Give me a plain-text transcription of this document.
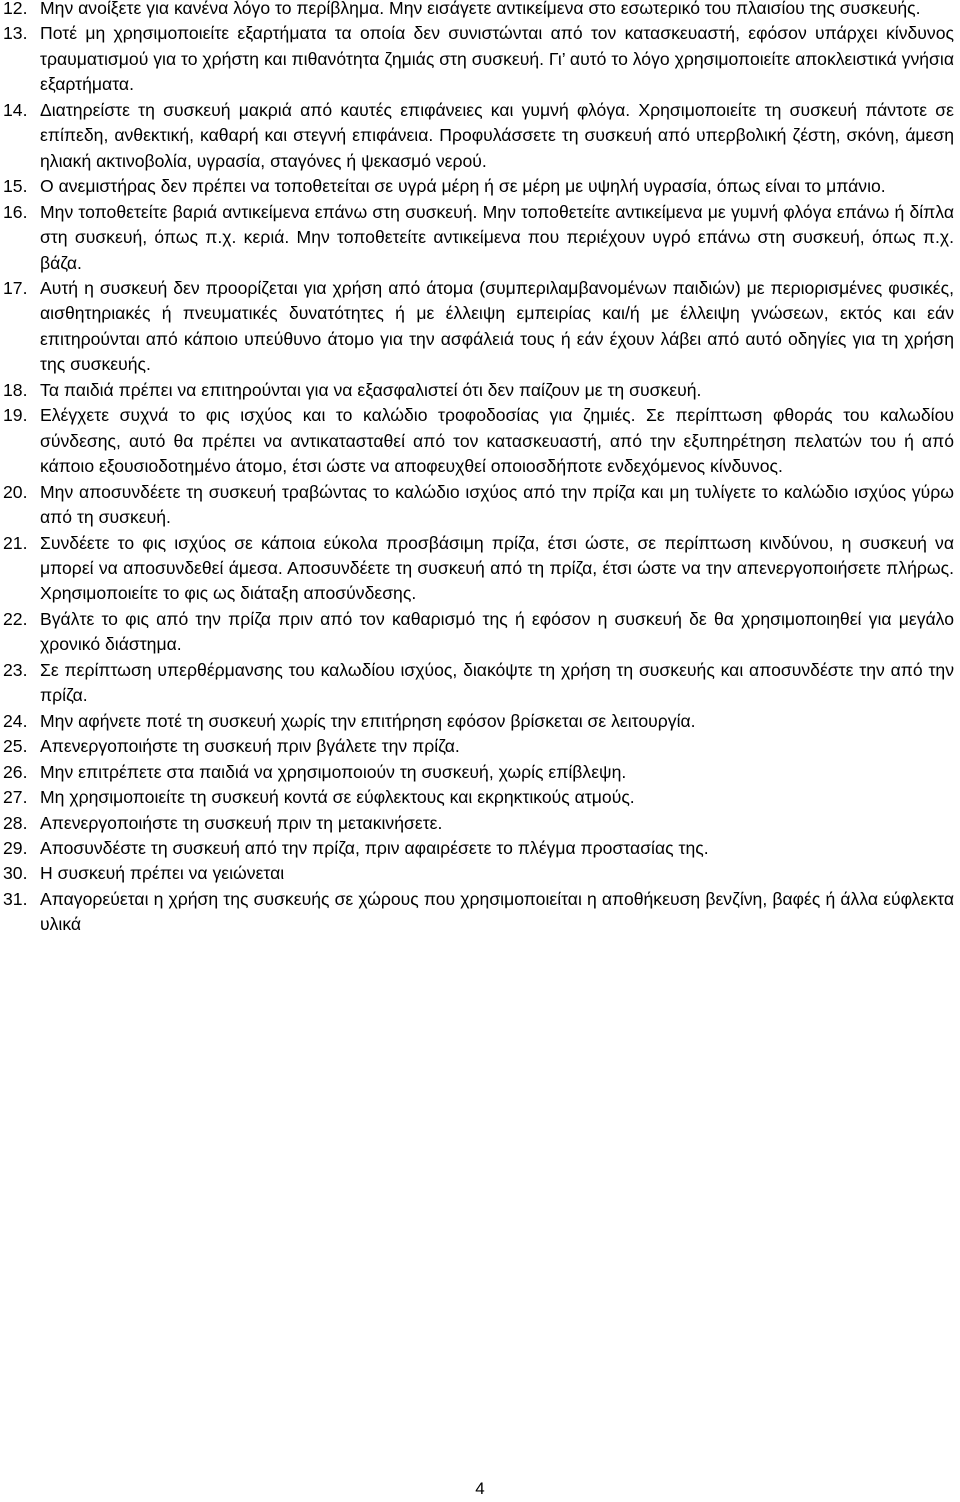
12. Μην ανοίξετε για κανένα λόγο το περίβλημα. Μην εισάγετε αντικείμενα στο εσωτερικό του πλαισίου της συσκευής.
13. Ποτέ μη χρησιμοποιείτε εξαρτήματα τα οποία δεν συνιστώνται από τον κατασκευαστή, εφόσον υπάρχει κίνδυνος τραυματισμού για το χρήστη και πιθανότητα ζημιάς στη συσκευή. Γι’ αυτό το λόγο χρησιμοποιείτε αποκλειστικά γνήσια εξαρτήματα.
14. Διατηρείστε τη συσκευή μακριά από καυτές επιφάνειες και γυμνή φλόγα. Χρησιμοποιείτε τη συσκευή πάντοτε σε επίπεδη, ανθεκτική, καθαρή και στεγνή επιφάνεια. Προφυλάσσετε τη συσκευή από υπερβολική ζέστη, σκόνη, άμεση ηλιακή ακτινοβολία, υγρασία, σταγόνες ή ψεκασμό νερού.
15. Ο ανεμιστήρας δεν πρέπει να τοποθετείται σε υγρά μέρη ή σε μέρη με υψηλή υγρασία, όπως είναι το μπάνιο.
16. Μην τοποθετείτε βαριά αντικείμενα επάνω στη συσκευή. Μην τοποθετείτε αντικείμενα με γυμνή φλόγα επάνω ή δίπλα στη συσκευή, όπως π.χ. κεριά. Μην τοποθετείτε αντικείμενα που περιέχουν υγρό επάνω στη συσκευή, όπως π.χ. βάζα.
17. Αυτή η συσκευή δεν προορίζεται για χρήση από άτομα (συμπεριλαμβανομένων παιδιών) με περιορισμένες φυσικές, αισθητηριακές ή πνευματικές δυνατότητες ή με έλλειψη εμπειρίας και/ή με έλλειψη γνώσεων, εκτός και εάν επιτηρούνται από κάποιο υπεύθυνο άτομο για την ασφάλειά τους ή εάν έχουν λάβει από αυτό οδηγίες για τη χρήση της συσκευής.
18. Τα παιδιά πρέπει να επιτηρούνται για να εξασφαλιστεί ότι δεν παίζουν με τη συσκευή.
19. Ελέγχετε συχνά το φις ισχύος και το καλώδιο τροφοδοσίας για ζημιές. Σε περίπτωση φθοράς του καλωδίου σύνδεσης, αυτό θα πρέπει να αντικατασταθεί από τον κατασκευαστή, από την εξυπηρέτηση πελατών του ή από κάποιο εξουσιοδοτημένο άτομο, έτσι ώστε να αποφευχθεί οποιοσδήποτε ενδεχόμενος κίνδυνος.
20. Μην αποσυνδέετε τη συσκευή τραβώντας το καλώδιο ισχύος από την πρίζα και μη τυλίγετε το καλώδιο ισχύος γύρω από τη συσκευή.
21. Συνδέετε το φις ισχύος σε κάποια εύκολα προσβάσιμη πρίζα, έτσι ώστε, σε περίπτωση κινδύνου, η συσκευή να μπορεί να αποσυνδεθεί άμεσα. Αποσυνδέετε τη συσκευή από τη πρίζα, έτσι ώστε να την απενεργοποιήσετε πλήρως. Χρησιμοποιείτε το φις ως διάταξη αποσύνδεσης.
22. Βγάλτε το φις από την πρίζα πριν από τον καθαρισμό της ή εφόσον η συσκευή δε θα χρησιμοποιηθεί για μεγάλο χρονικό διάστημα.
23. Σε περίπτωση υπερθέρμανσης του καλωδίου ισχύος, διακόψτε τη χρήση τη συσκευής και αποσυνδέστε την από την πρίζα.
24. Μην αφήνετε ποτέ τη συσκευή χωρίς την επιτήρηση εφόσον βρίσκεται σε λειτουργία.
25. Απενεργοποιήστε τη συσκευή πριν βγάλετε την πρίζα.
26. Μην επιτρέπετε στα παιδιά να χρησιμοποιούν τη συσκευή, χωρίς επίβλεψη.
27. Μη χρησιμοποιείτε τη συσκευή κοντά σε εύφλεκτους και εκρηκτικούς ατμούς.
28. Απενεργοποιήστε τη συσκευή πριν τη μετακινήσετε.
29. Αποσυνδέστε τη συσκευή από την πρίζα, πριν αφαιρέσετε το πλέγμα προστασίας της.
30. Η συσκευή πρέπει να γειώνεται
31. Απαγορεύεται η χρήση της συσκευής σε χώρους που χρησιμοποιείται η αποθήκευση βενζίνη, βαφές ή άλλα εύφλεκτα υλικά
4
